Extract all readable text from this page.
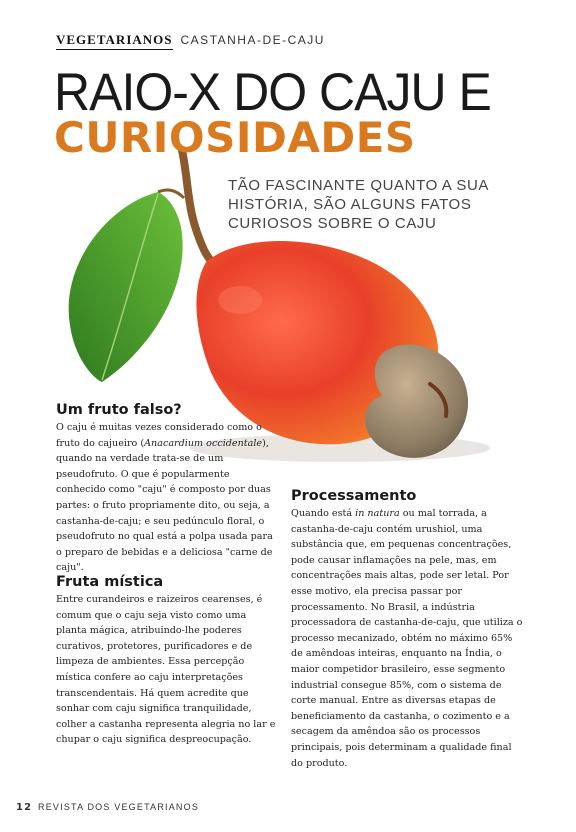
VEGETARIANOS CASTANHA-DE-CAJU
RAIO-X DO CAJU E
CURIOSIDADES
TÃO FASCINANTE QUANTO A SUA HISTÓRIA, SÃO ALGUNS FATOS CURIOSOS SOBRE O CAJU
Um fruto falso?

O caju é muitas vezes considerado como o fruto do cajueiro (Anacardium occidentale), quando na verdade trata-se de um pseudofruto. O que é popularmente conhecido como "caju" é composto por duas partes: o fruto propriamente dito, ou seja, a castanha-de-caju; e seu pedúnculo floral, o pseudofruto no qual está a polpa usada para o preparo de bebidas e a deliciosa "carne de caju".

Fruta mística

Entre curandeiros e raizeiros cearenses, é comum que o caju seja visto como uma planta mágica, atribuindo-lhe poderes curativos, protetores, purificadores e de limpeza de ambientes. Essa percepção mística confere ao caju interpretações transcendentais. Há quem acredite que sonhar com caju significa tranquilidade, colher a castanha representa alegria no lar e chupar o caju significa despreocupação.

Processamento

Quando está in natura ou mal torrada, a castanha-de-caju contém urushiol, uma substância que, em pequenas concentrações, pode causar inflamações na pele, mas, em concentrações mais altas, pode ser letal. Por esse motivo, ela precisa passar por processamento. No Brasil, a indústria processadora de castanha-de-caju, que utiliza o processo mecanizado, obtém no máximo 65% de amêndoas inteiras, enquanto na Índia, o maior competidor brasileiro, esse segmento industrial consegue 85%, com o sistema de corte manual. Entre as diversas etapas de beneficiamento da castanha, o cozimento e a secagem da amêndoa são os processos principais, pois determinam a qualidade final do produto.

12 REVISTA DOS VEGETARIANOS
